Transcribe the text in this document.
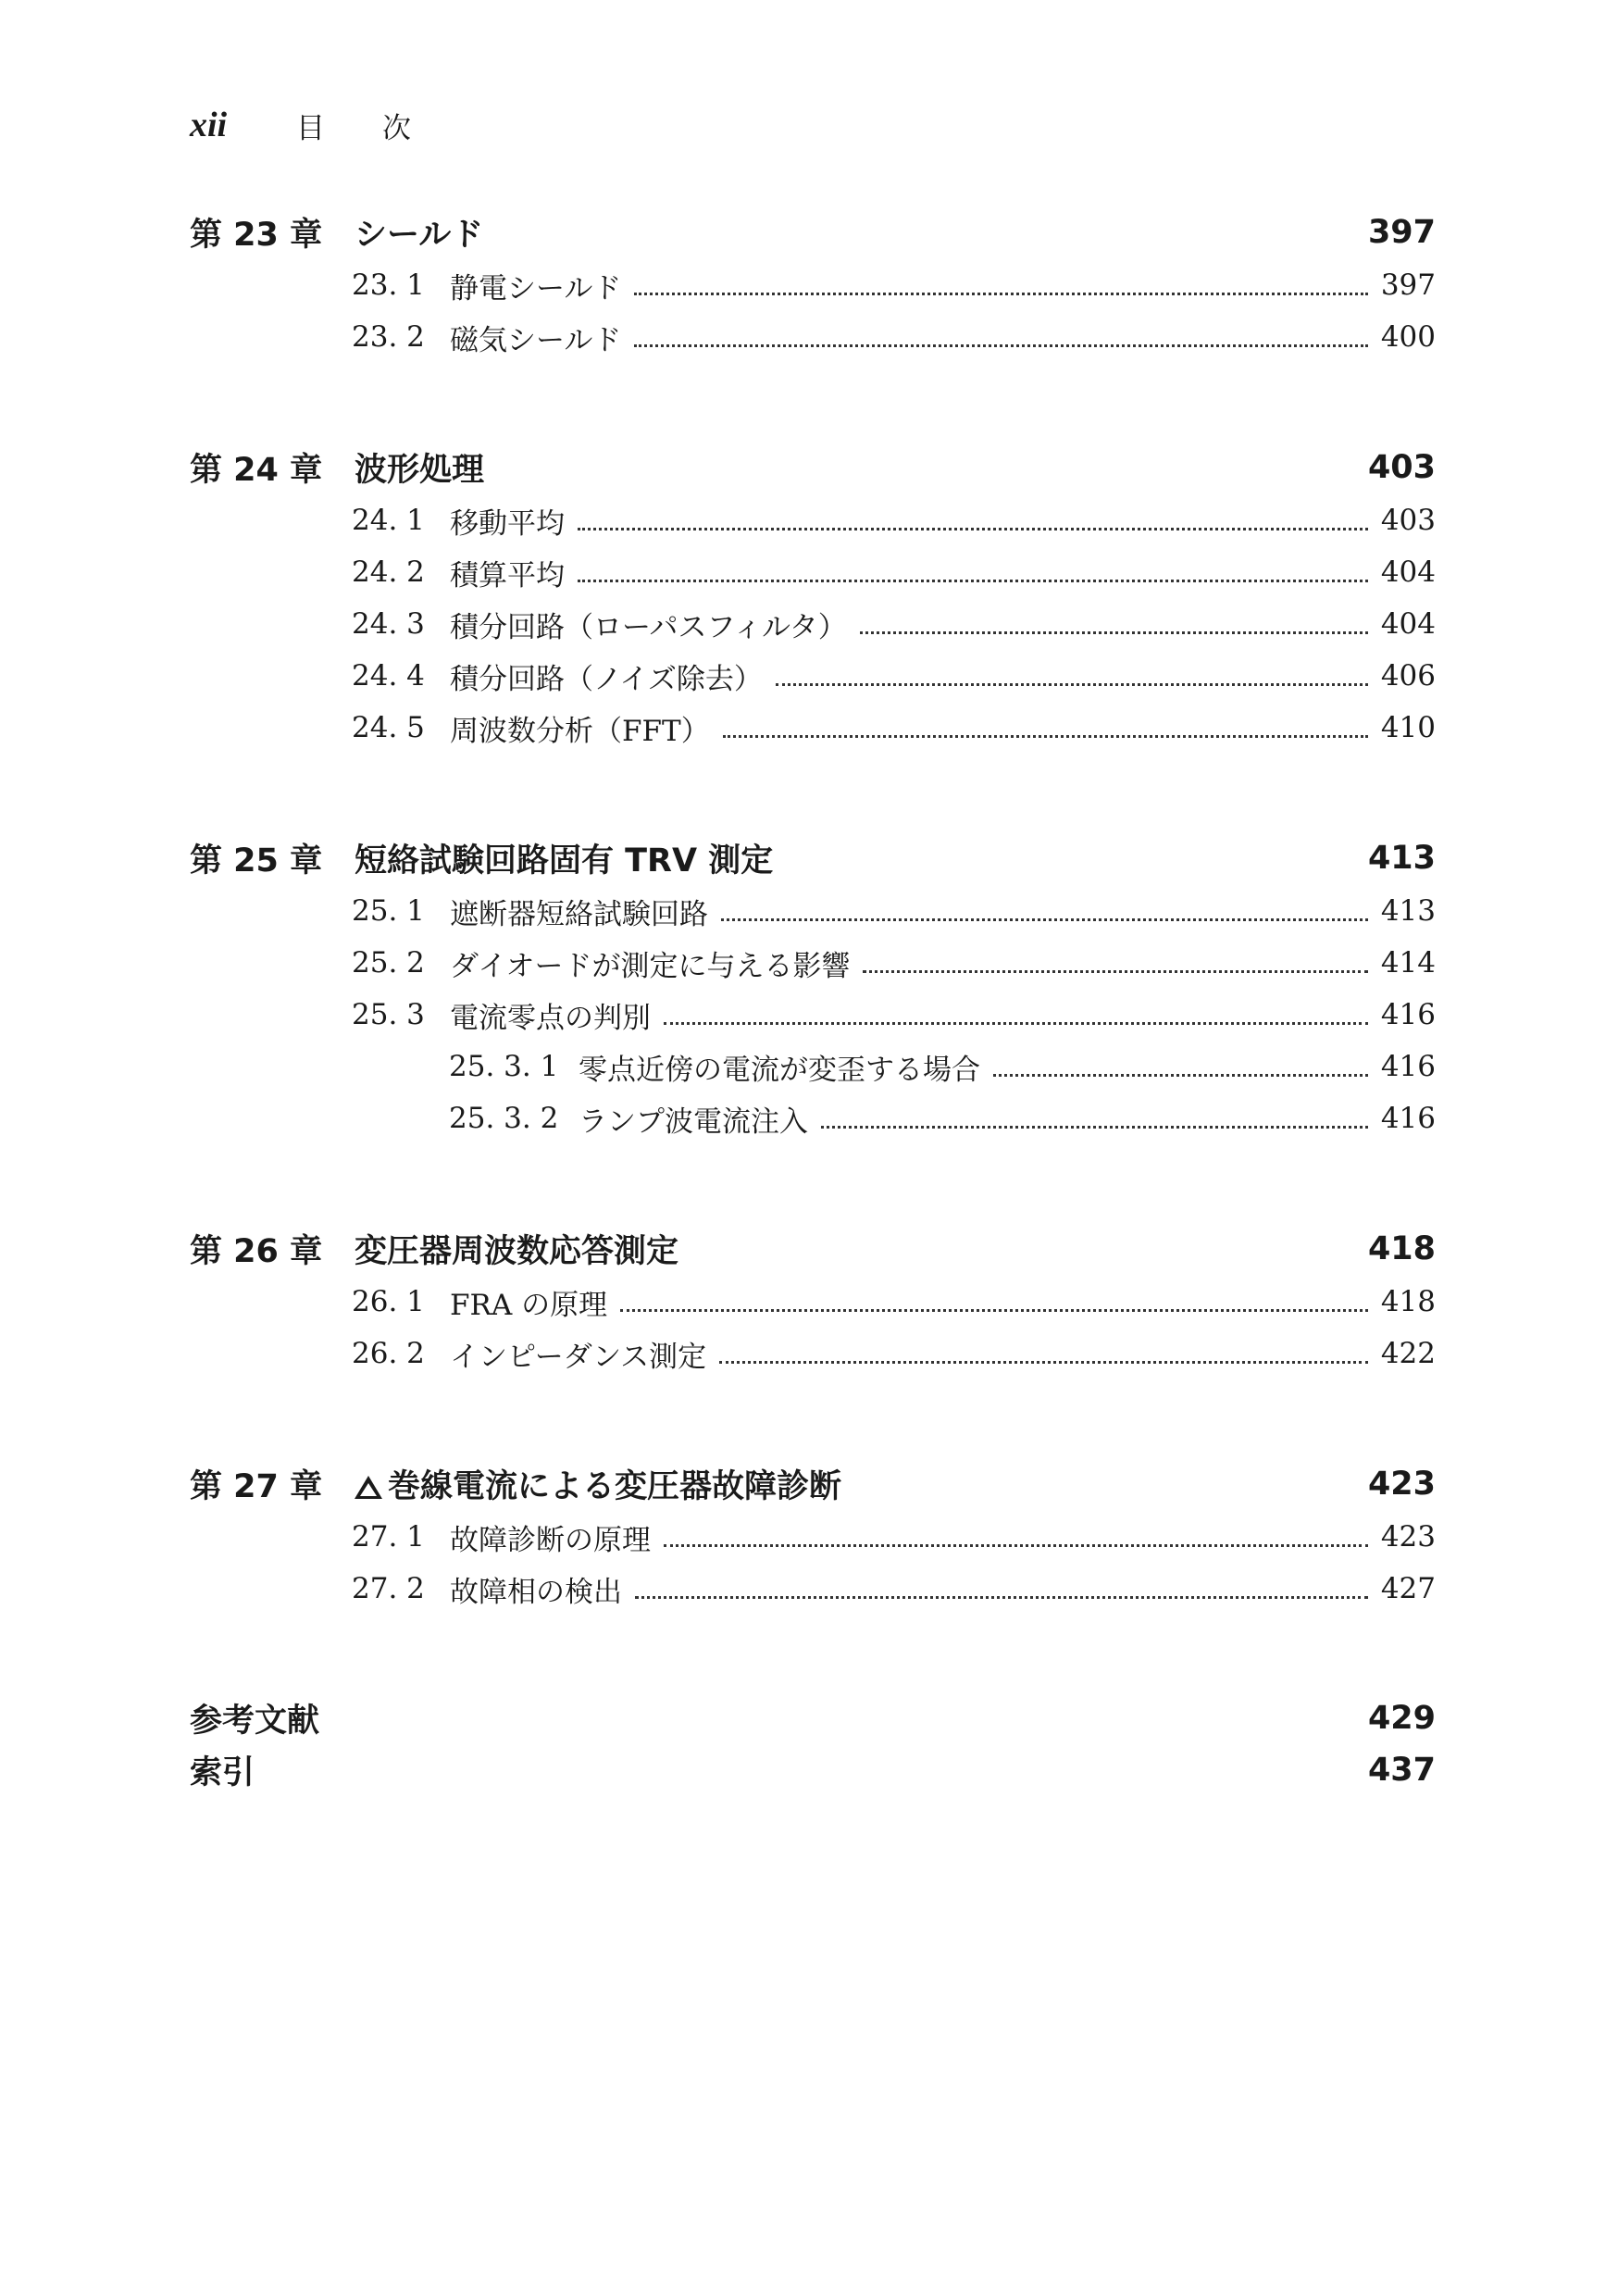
xii	目 次
第 23 章 シールド	397
23. 1 静電シールド	397
23. 2 磁気シールド	400
第 24 章 波形処理	403
24. 1 移動平均	403
24. 2 積算平均	404
24. 3 積分回路（ローパスフィルタ）	404
24. 4 積分回路（ノイズ除去）	406
24. 5 周波数分析（FFT）	410
第 25 章 短絡試験回路固有 TRV 測定	413
25. 1 遮断器短絡試験回路	413
25. 2 ダイオードが測定に与える影響	414
25. 3 電流零点の判別	416
25. 3. 1 零点近傍の電流が変歪する場合	416
25. 3. 2 ランプ波電流注入	416
第 26 章 変圧器周波数応答測定	418
26. 1 FRA の原理	418
26. 2 インピーダンス測定	422
第 27 章	巻線電流による変圧器故障診断	423
27. 1 故障診断の原理	423
27. 2 故障相の検出	427
参考文献	429
索引	437
